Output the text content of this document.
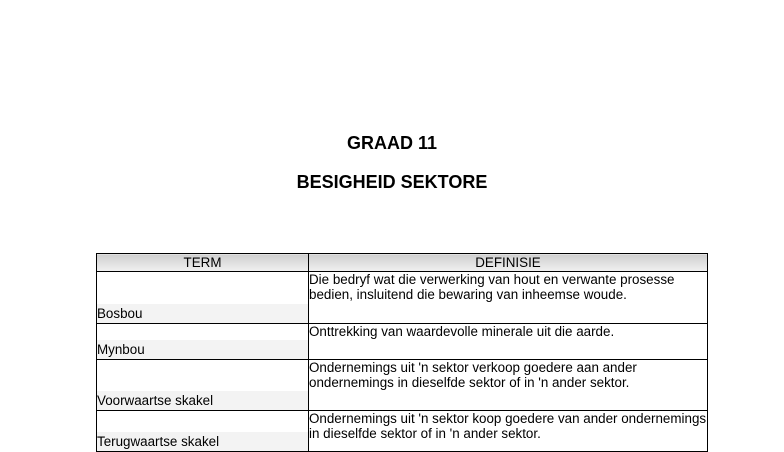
GRAAD 11
BESIGHEID SEKTORE
TERM	DEFINISIE

Bosbou	Die bedryf wat die verwerking van hout en verwante prosesse bedien, insluitend die bewaring van inheemse woude.

Mynbou	Onttrekking van waardevolle minerale uit die aarde.

Voorwaartse skakel	Ondernemings uit 'n sektor verkoop goedere aan ander ondernemings in dieselfde sektor of in 'n ander sektor.

Terugwaartse skakel	Ondernemings uit 'n sektor koop goedere van ander ondernemings in dieselfde sektor of in 'n ander sektor.
